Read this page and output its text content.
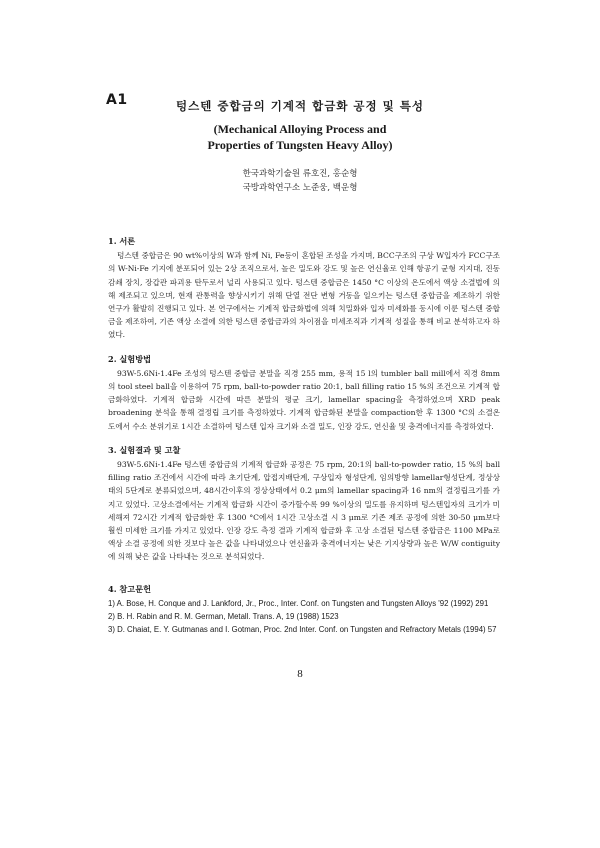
A1	텅스텐 중합금의 기계적 합금화 공정 및 특성
(Mechanical Alloying Process and
Properties of Tungsten Heavy Alloy)
한국과학기술원 류호진, 홍순형
국방과학연구소 노준웅, 백운형
1. 서론

텅스텐 중합금은 90 wt%이상의 W과 함께 Ni, Fe등이 혼합된 조성을 가지며, BCC구조의 구상 W입자가 FCC구조의 W-Ni-Fe 기지에 분포되어 있는 2상 조직으로서, 높은 밀도와 강도 및 높은 연신율로 인해 항공기 균형 지지대, 진동 감쇄 장치, 장갑관 파괴용 탄두로서 널리 사용되고 있다. 텅스텐 중합금은 1450 °C 이상의 온도에서 액상 소결법에 의해 제조되고 있으며, 현재 관통력을 향상시키기 위해 단열 전단 변형 거동을 일으키는 텅스텐 중합금을 제조하기 위한 연구가 활발히 진행되고 있다. 본 연구에서는 기계적 합금화법에 의해 치밀화와 입자 미세화를 동시에 이룬 텅스텐 중합금을 제조하여, 기존 액상 소결에 의한 텅스텐 중합금과의 차이점을 미세조직과 기계적 성질을 통해 비교 분석하고자 하였다.

2. 실험방법

93W-5.6Ni-1.4Fe 조성의 텅스텐 중합금 분말을 직경 255 mm, 용적 15 l의 tumbler ball mill에서 직경 8mm의 tool steel ball을 이용하여 75 rpm, ball-to-powder ratio 20:1, ball filling ratio 15 %의 조건으로 기계적 합금화하였다. 기계적 합금화 시간에 따른 분말의 평균 크기, lamellar spacing을 측정하였으며 XRD peak broadening 분석을 통해 결정립 크기를 측정하였다. 기계적 합금화된 분말을 compaction한 후 1300 °C의 소결온도에서 수소 분위기로 1시간 소결하여 텅스텐 입자 크기와 소결 밀도, 인장 강도, 연신율 및 충격에너지를 측정하였다.

3. 실험결과 및 고찰

93W-5.6Ni-1.4Fe 텅스텐 중합금의 기계적 합금화 공정은 75 rpm, 20:1의 ball-to-powder ratio, 15 %의 ball filling ratio 조건에서 시간에 따라 초기단계, 압접지배단계, 구상입자 형성단계, 임의방향 lamellar형성단계, 정상상태의 5단계로 분류되었으며, 48시간이후의 정상상태에서 0.2 μm의 lamellar spacing과 16 nm의 결정립크기를 가지고 있었다. 고상소결에서는 기계적 합금화 시간이 증가할수록 99 %이상의 밀도를 유지하며 텅스텐입자의 크기가 미세해져 72시간 기계적 합금화한 후 1300 °C에서 1시간 고상소결 시 3 μm로 기존 제조 공정에 의한 30-50 μm보다 훨씬 미세한 크기를 가지고 있었다. 인장 강도 측정 결과 기계적 합금화 후 고상 소결된 텅스텐 중합금은 1100 MPa로 액상 소결 공정에 의한 것보다 높은 값을 나타내었으나 연신율과 충격에너지는 낮은 기지상량과 높은 W/W contiguity에 의해 낮은 값을 나타내는 것으로 분석되었다.

4. 참고문헌
1) A. Bose, H. Conque and J. Lankford, Jr., Proc., Inter. Conf. on Tungsten and Tungsten Alloys '92 (1992) 291
2) B. H. Rabin and R. M. German, Metall. Trans. A, 19 (1988) 1523
3) D. Chaiat, E. Y. Gutmanas and I. Gotman, Proc. 2nd Inter. Conf. on Tungsten and Refractory Metals (1994) 57
8
